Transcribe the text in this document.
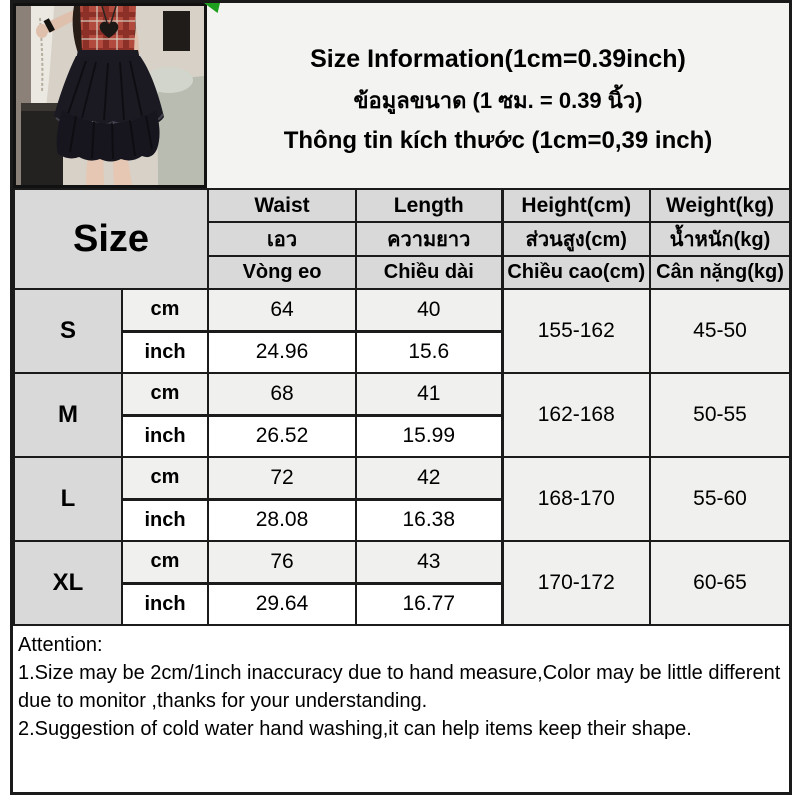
Size Information(1cm=0.39inch)
ข้อมูลขนาด (1 ซม. = 0.39 นิ้ว)
Thông tin kích thước (1cm=0,39 inch)
Size		Waist	Length	Height(cm)	Weight(kg)
		เอว	ความยาว	ส่วนสูง(cm)	น้ำหนัก(kg)
		Vòng eo	Chiều dài	Chiều cao(cm)	Cân nặng(kg)
S	cm	64	40	155-162	45-50
	inch	24.96	15.6		
M	cm	68	41	162-168	50-55
	inch	26.52	15.99		
L	cm	72	42	168-170	55-60
	inch	28.08	16.38		
XL	cm	76	43	170-172	60-65
	inch	29.64	16.77		
Attention:
1.Size may be 2cm/1inch inaccuracy due to hand measure,Color may be little different due to monitor ,thanks for your understanding.
2.Suggestion of cold water hand washing,it can help items keep their shape.
